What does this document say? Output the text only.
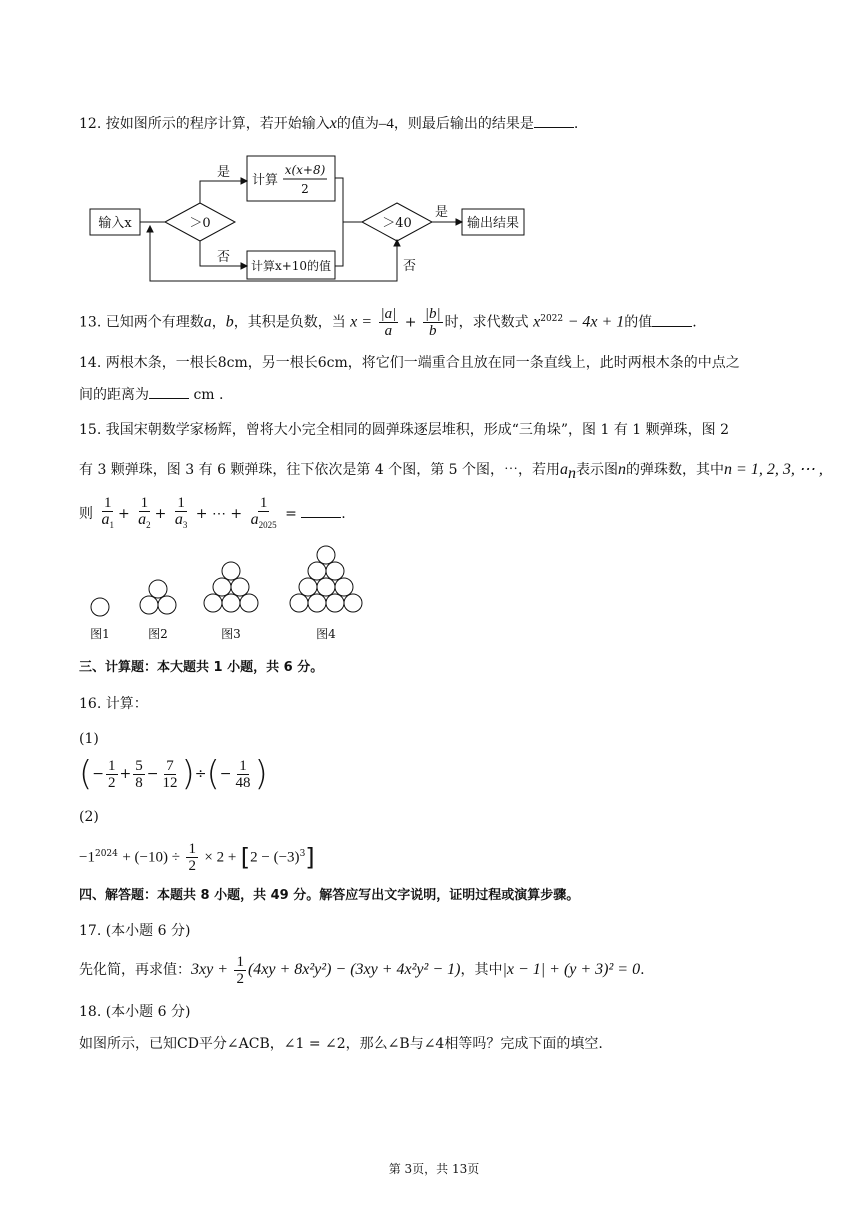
12. 按如图所示的程序计算，若开始输入x的值为–4，则最后输出的结果是	.
输入x	＞0
是
否
计算
x(x+8)
2
计算x+10的值
＞40
是
否
输出结果
13. 已知两个有理数a，b，其积是负数，当 $x = \frac{|a|}{a} + \frac{|b|}{b}$ 时，求代数式 $x^{2022} - 4x + 1$的值	.
14. 两根木条，一根长8cm，另一根长6cm，将它们一端重合且放在同一条直线上，此时两根木条的中点之
间的距离为	cm .
15. 我国宋朝数学家杨辉，曾将大小完全相同的圆弹珠逐层堆积，形成“三角垛”，图 1 有 1 颗弹珠，图 2
有 3 颗弹珠，图 3 有 6 颗弹珠，往下依次是第 4 个图，第 5 个图，⋯，若用$a_n$表示图n的弹珠数，其中n = 1, 2, 3, ⋯ ,
则 $\frac{1}{a_1} + \frac{1}{a_2} + \frac{1}{a_3}$ + ⋯ + $\frac{1}{a_{2025}}$ =	.
图1	图2	图3	图4
三、计算题：本大题共 1 小题，共 6 分。
16. 计算：
(1)
(− $\frac{1}{2} + \frac{5}{8} - \frac{7}{12}$ )÷(− $\frac{1}{48}$ )
(2)
$-1^{2024} + (-10) \div \frac{1}{2} \times 2 + [2 - (-3)^3]$
四、解答题：本题共 8 小题，共 49 分。解答应写出文字说明，证明过程或演算步骤。
17. (本小题 6 分)
先化简，再求值：$3xy + \frac{1}{2} (4xy + 8x^2y^2) - (3xy + 4x^2y^2 - 1)$，其中|x − 1| + (y + 3)² = 0.
18. (本小题 6 分)
如图所示，已知CD平分∠ACB，∠1 = ∠2，那么∠B与∠4相等吗？完成下面的填空.
第 3页，共 13页
